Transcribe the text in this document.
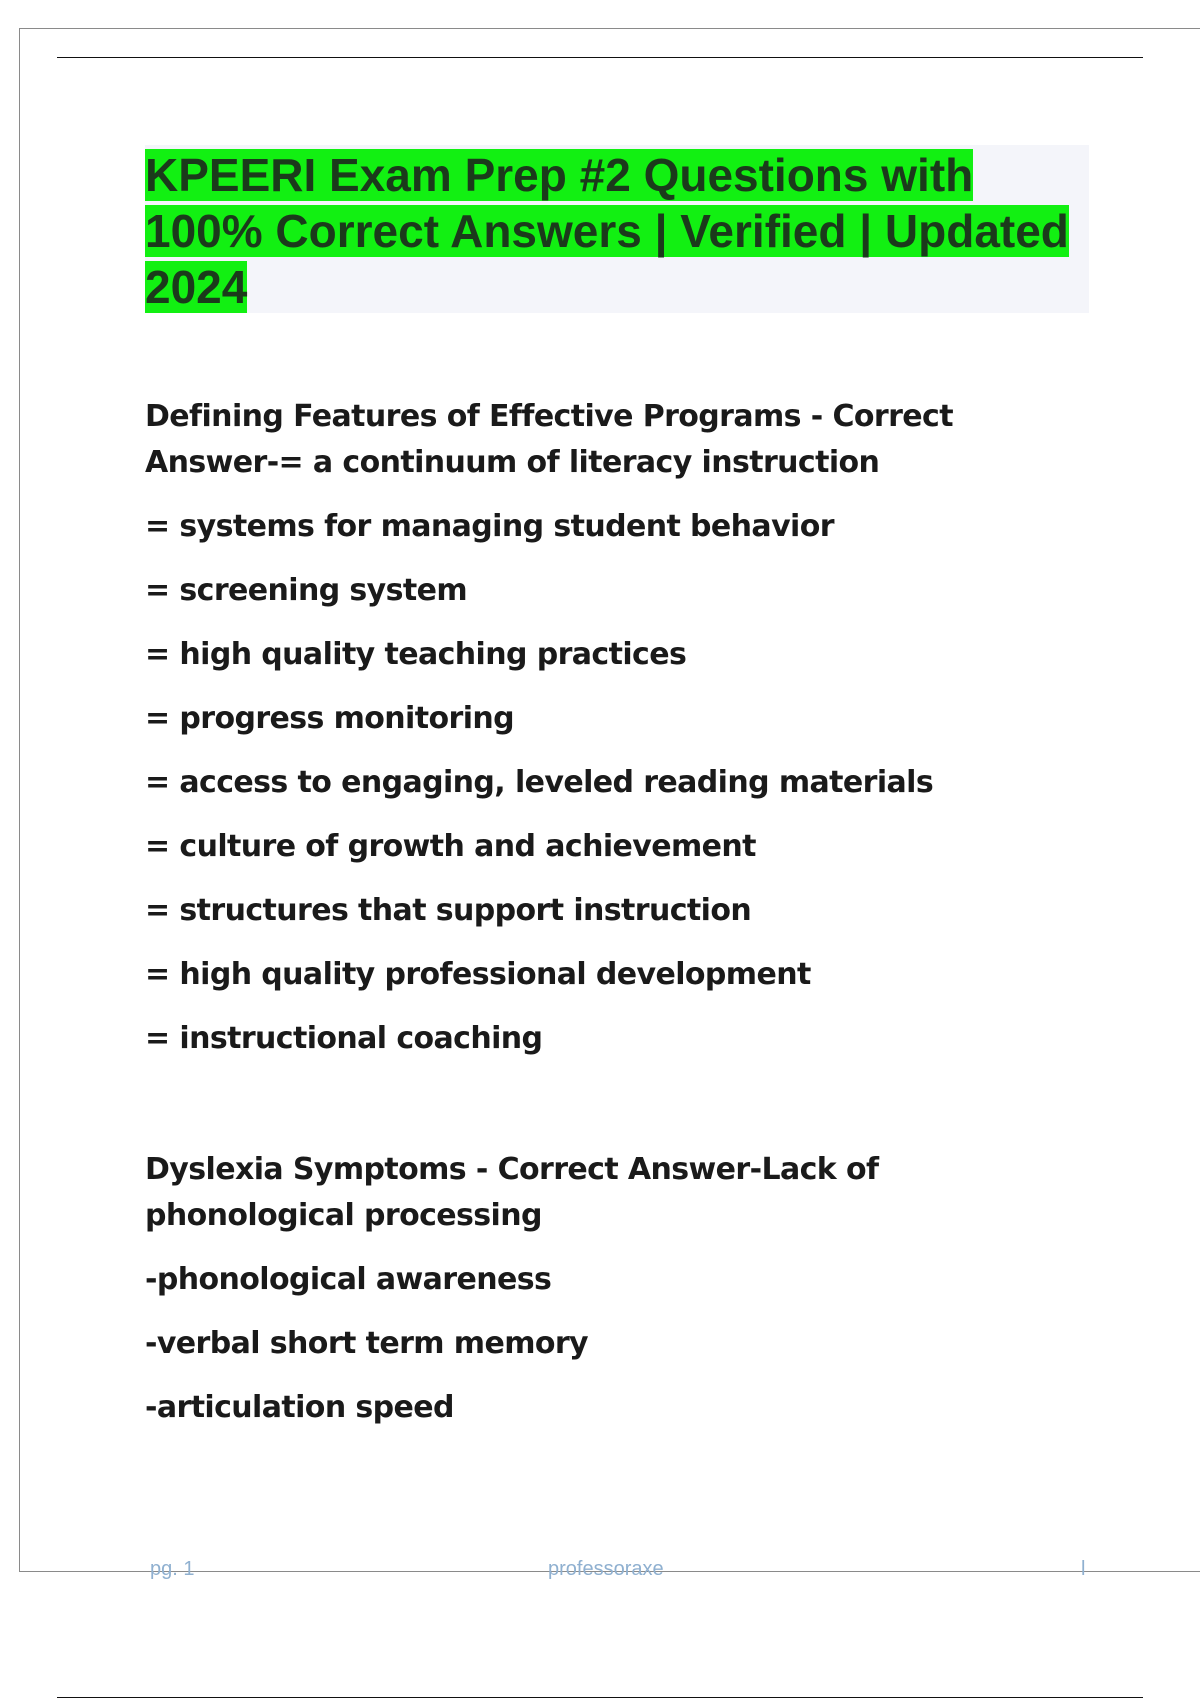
KPEERI Exam Prep #2 Questions with 100% Correct Answers | Verified | Updated 2024

Defining Features of Effective Programs - Correct Answer-= a continuum of literacy instruction

= systems for managing student behavior

= screening system

= high quality teaching practices

= progress monitoring

= access to engaging, leveled reading materials

= culture of growth and achievement

= structures that support instruction

= high quality professional development

= instructional coaching

Dyslexia Symptoms - Correct Answer-Lack of phonological processing

-phonological awareness

-verbal short term memory

-articulation speed

pg. 1	professoraxe	l
